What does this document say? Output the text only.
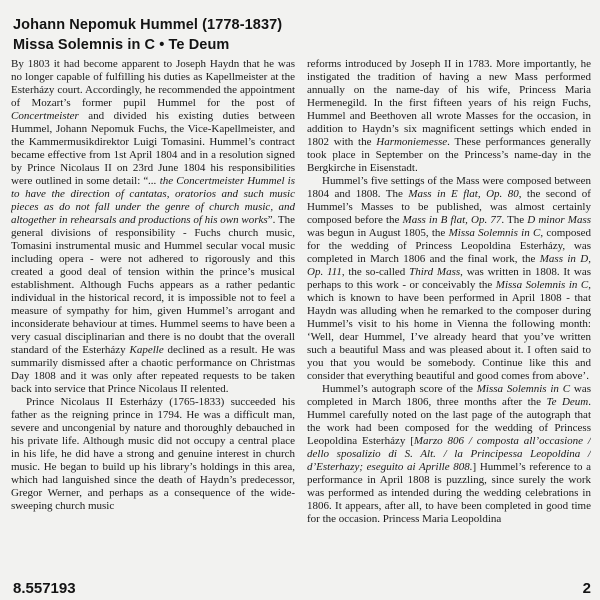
Johann Nepomuk Hummel (1778-1837)
Missa Solemnis in C • Te Deum

By 1803 it had become apparent to Joseph Haydn that he was no longer capable of fulfilling his duties as Kapellmeister at the Esterházy court. Accordingly, he recommended the appointment of Mozart’s former pupil Hummel for the post of Concertmeister and divided his existing duties between Hummel, Johann Nepomuk Fuchs, the Vice-Kapellmeister, and the Kammermusikdirektor Luigi Tomasini. Hummel’s contract became effective from 1st April 1804 and in a resolution signed by Prince Nicolaus II on 23rd June 1804 his responsibilities were outlined in some detail: “... the Concertmeister Hummel is to have the direction of cantatas, oratorios and such music pieces as do not fall under the genre of church music, and altogether in rehearsals and productions of his own works”. The general divisions of responsibility - Fuchs church music, Tomasini instrumental music and Hummel secular vocal music including opera - were not adhered to rigorously and this created a good deal of tension within the prince’s musical establishment. Although Fuchs appears as a rather pedantic individual in the historical record, it is impossible not to feel a measure of sympathy for him, given Hummel’s arrogant and inconsiderate behaviour at times. Hummel seems to have been a very casual disciplinarian and there is no doubt that the overall standard of the Esterházy Kapelle declined as a result. He was summarily dismissed after a chaotic performance on Christmas Day 1808 and it was only after repeated requests to be taken back into service that Prince Nicolaus II relented.

Prince Nicolaus II Esterházy (1765-1833) succeeded his father as the reigning prince in 1794. He was a difficult man, severe and uncongenial by nature and thoroughly debauched in his private life. Although music did not occupy a central place in his life, he did have a strong and genuine interest in church music. He began to build up his library’s holdings in this area, which had languished since the death of Haydn’s predecessor, Gregor Werner, and perhaps as a consequence of the wide-sweeping church music

reforms introduced by Joseph II in 1783. More importantly, he instigated the tradition of having a new Mass performed annually on the name-day of his wife, Princess Maria Hermenegild. In the first fifteen years of his reign Fuchs, Hummel and Beethoven all wrote Masses for the occasion, in addition to Haydn’s six magnificent settings which ended in 1802 with the Harmoniemesse. These performances generally took place in September on the Princess’s name-day in the Bergkirche in Eisenstadt.

Hummel’s five settings of the Mass were composed between 1804 and 1808. The Mass in E flat, Op. 80, the second of Hummel’s Masses to be published, was almost certainly composed before the Mass in B flat, Op. 77. The D minor Mass was begun in August 1805, the Missa Solemnis in C, composed for the wedding of Princess Leopoldina Esterházy, was completed in March 1806 and the final work, the Mass in D, Op. 111, the so-called Third Mass, was written in 1808. It was perhaps to this work - or conceivably the Missa Solemnis in C, which is known to have been performed in April 1808 - that Haydn was alluding when he remarked to the composer during Hummel’s visit to his home in Vienna the following month: ‘Well, dear Hummel, I’ve already heard that you’ve written such a beautiful Mass and was pleased about it. I often said to you that you would be somebody. Continue like this and consider that everything beautiful and good comes from above’.

Hummel’s autograph score of the Missa Solemnis in C was completed in March 1806, three months after the Te Deum. Hummel carefully noted on the last page of the autograph that the work had been composed for the wedding of Princess Leopoldina Esterházy [Marzo 806 / composta all’occasione / dello sposalizio di S. Alt. / la Principessa Leopoldina / d’Esterhazy; eseguito ai Aprille 808.] Hummel’s reference to a performance in April 1808 is puzzling, since surely the work was performed as intended during the wedding celebrations in 1806. It appears, after all, to have been completed in good time for the occasion. Princess Maria Leopoldina

8.557193	2
